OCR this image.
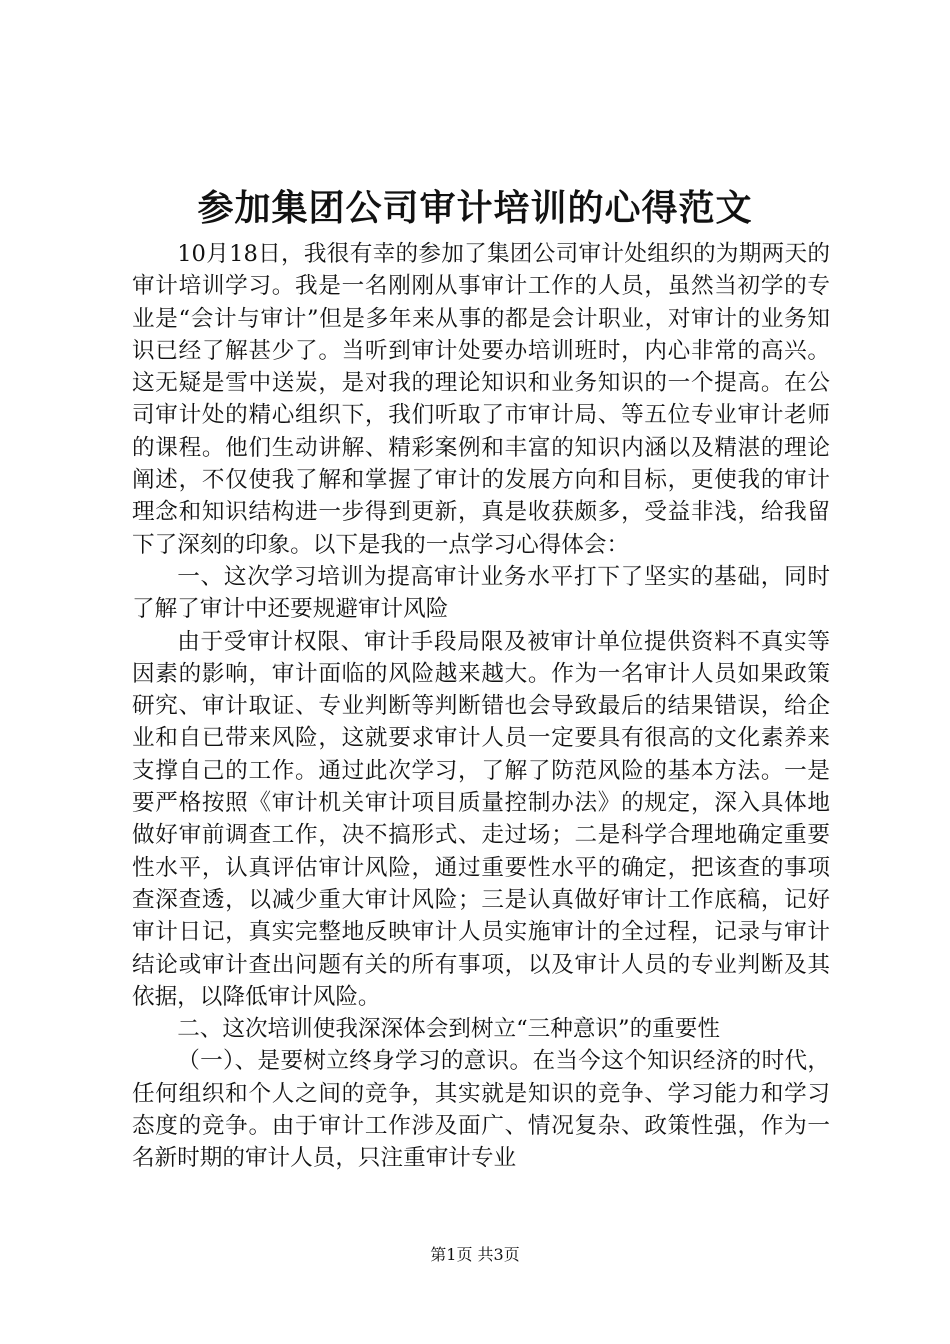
参加集团公司审计培训的心得范文

10月18日，我很有幸的参加了集团公司审计处组织的为期两天的审计培训学习。我是一名刚刚从事审计工作的人员，虽然当初学的专业是“会计与审计”但是多年来从事的都是会计职业，对审计的业务知识已经了解甚少了。当听到审计处要办培训班时，内心非常的高兴。这无疑是雪中送炭，是对我的理论知识和业务知识的一个提高。在公司审计处的精心组织下，我们听取了市审计局、等五位专业审计老师的课程。他们生动讲解、精彩案例和丰富的知识内涵以及精湛的理论阐述，不仅使我了解和掌握了审计的发展方向和目标，更使我的审计理念和知识结构进一步得到更新，真是收获颇多，受益非浅，给我留下了深刻的印象。以下是我的一点学习心得体会：

一、这次学习培训为提高审计业务水平打下了坚实的基础，同时了解了审计中还要规避审计风险

由于受审计权限、审计手段局限及被审计单位提供资料不真实等因素的影响，审计面临的风险越来越大。作为一名审计人员如果政策研究、审计取证、专业判断等判断错也会导致最后的结果错误，给企业和自已带来风险，这就要求审计人员一定要具有很高的文化素养来支撑自己的工作。通过此次学习，了解了防范风险的基本方法。一是要严格按照《审计机关审计项目质量控制办法》的规定，深入具体地做好审前调查工作，决不搞形式、走过场；二是科学合理地确定重要性水平，认真评估审计风险，通过重要性水平的确定，把该查的事项查深查透，以减少重大审计风险；三是认真做好审计工作底稿，记好审计日记，真实完整地反映审计人员实施审计的全过程，记录与审计结论或审计查出问题有关的所有事项，以及审计人员的专业判断及其依据，以降低审计风险。

二、这次培训使我深深体会到树立“三种意识”的重要性

（一）、是要树立终身学习的意识。在当今这个知识经济的时代，任何组织和个人之间的竞争，其实就是知识的竞争、学习能力和学习态度的竞争。由于审计工作涉及面广、情况复杂、政策性强，作为一名新时期的审计人员，只注重审计专业

第1页 共3页
